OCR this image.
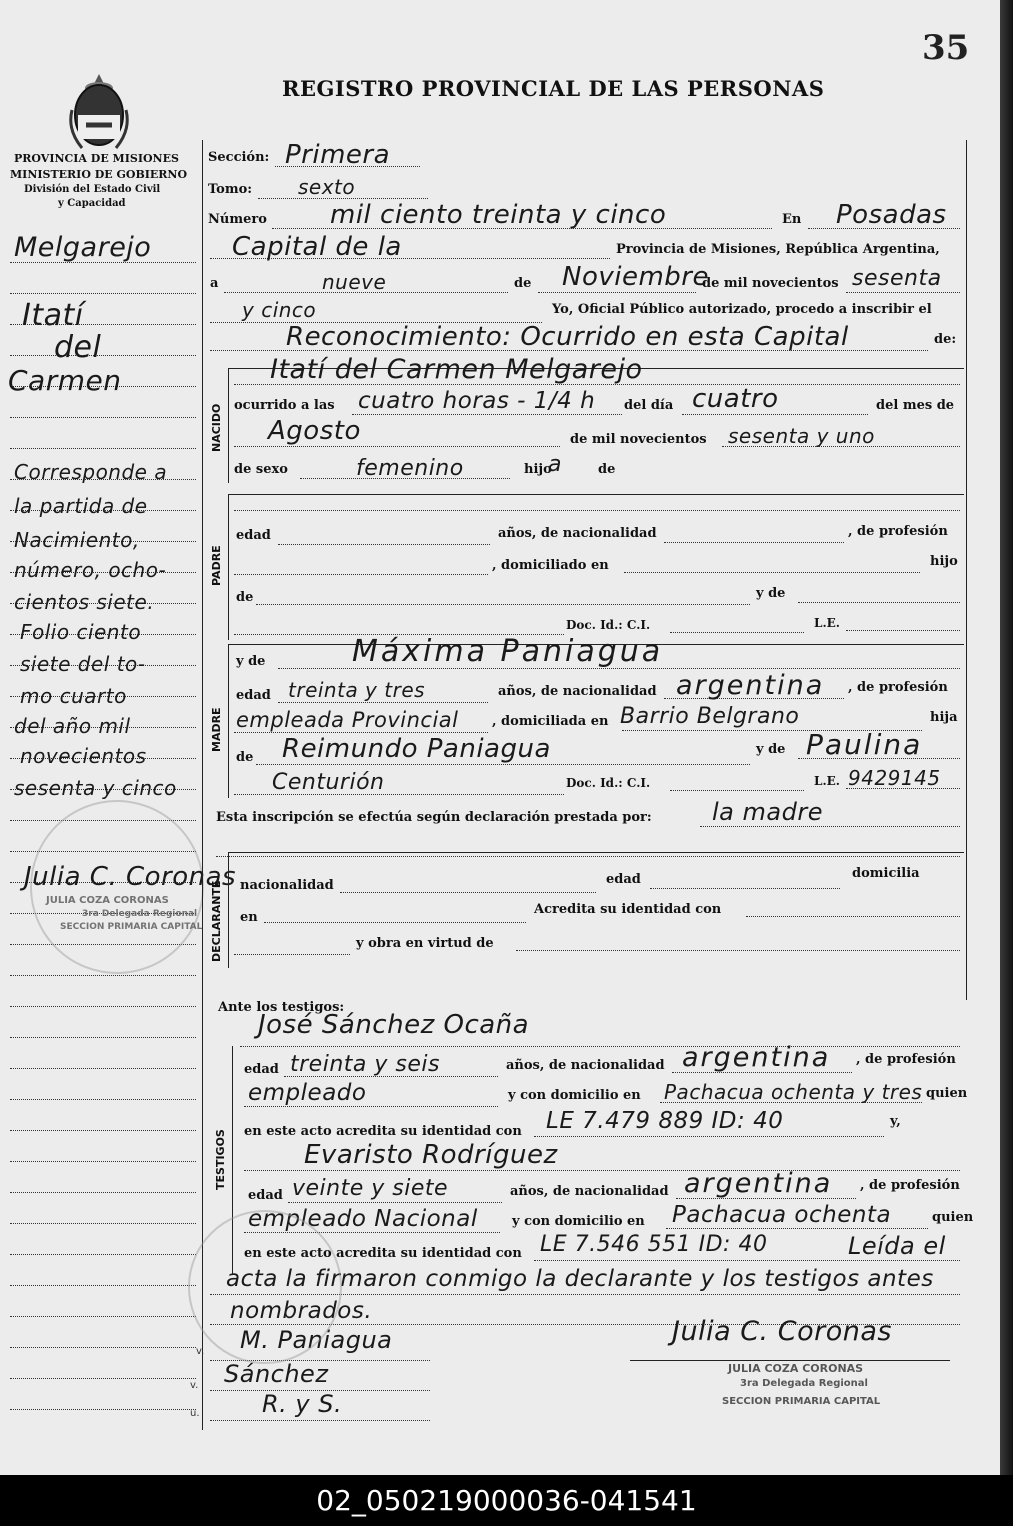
35
REGISTRO PROVINCIAL DE LAS PERSONAS
PROVINCIA DE MISIONES
MINISTERIO DE GOBIERNO
División del Estado Civil
y Capacidad
Melgarejo
Itatí
del
Carmen
Corresponde a
la partida de
Nacimiento,
número, ocho-
cientos siete.
Folio ciento
siete del to-
mo cuarto
del año mil
novecientos
sesenta y cinco
Julia C. Coronas
JULIA COZA CORONAS
3ra Delegada Regional
SECCION PRIMARIA CAPITAL
Sección: Primera
Tomo: sexto
Número mil ciento treinta y cinco	En Posadas
Capital de la	Provincia de Misiones, República Argentina,
a	nueve	de Noviembre
de mil novecientos sesenta
y cinco	Yo, Oficial Público autorizado, procedo a inscribir el
Reconocimiento: Ocurrido en esta Capital	de:
NACIDO
Itatí del Carmen Melgarejo
ocurrido a las cuatro horas - 1/4 h del día cuatro	del mes de
Agosto	de mil novecientos sesenta y uno
de sexo	femenino	hijo
a	de
PADRE
edad	años, de nacionalidad	, de profesión
, domiciliado en	hijo
de	y de
Doc. Id.: C.I.	L.E.
MADRE
y de	Máxima Paniagua
edad treinta y tres	años, de nacionalidad argentina , de profesión
empleada Provincial	, domiciliada en Barrio Belgrano	hija
de Reimundo Paniagua	y de Paulina
Centurión	Doc. Id.: C.I.	L.E. 9429145
Esta inscripción se efectúa según declaración prestada por:	la madre
DECLARANTE nacionalidad	edad	domicilia
en
Acredita su identidad con
y obra en virtud de
Ante los testigos:
José Sánchez Ocaña
TESTIGOS
edad treinta y seis	años, de nacionalidad argentina , de profesión
empleado	y con domicilio en Pachacua ochenta y tres quien
en este acto acredita su identidad con LE 7.479 889 ID: 40	y,
Evaristo Rodríguez
edad veinte y siete	años, de nacionalidad argentina , de profesión
empleado Nacional	y con domicilio en Pachacua ochenta	quien
en este acto acredita su identidad con LE 7.546 551 ID: 40	Leída el
acta la firmaron conmigo la declarante y los testigos antes
nombrados.
v.
v.
u.
M. Paniagua
Sánchez
R. y S.
Julia C. Coronas
JULIA COZA CORONAS
3ra Delegada Regional
SECCION PRIMARIA CAPITAL
02_050219000036-041541
